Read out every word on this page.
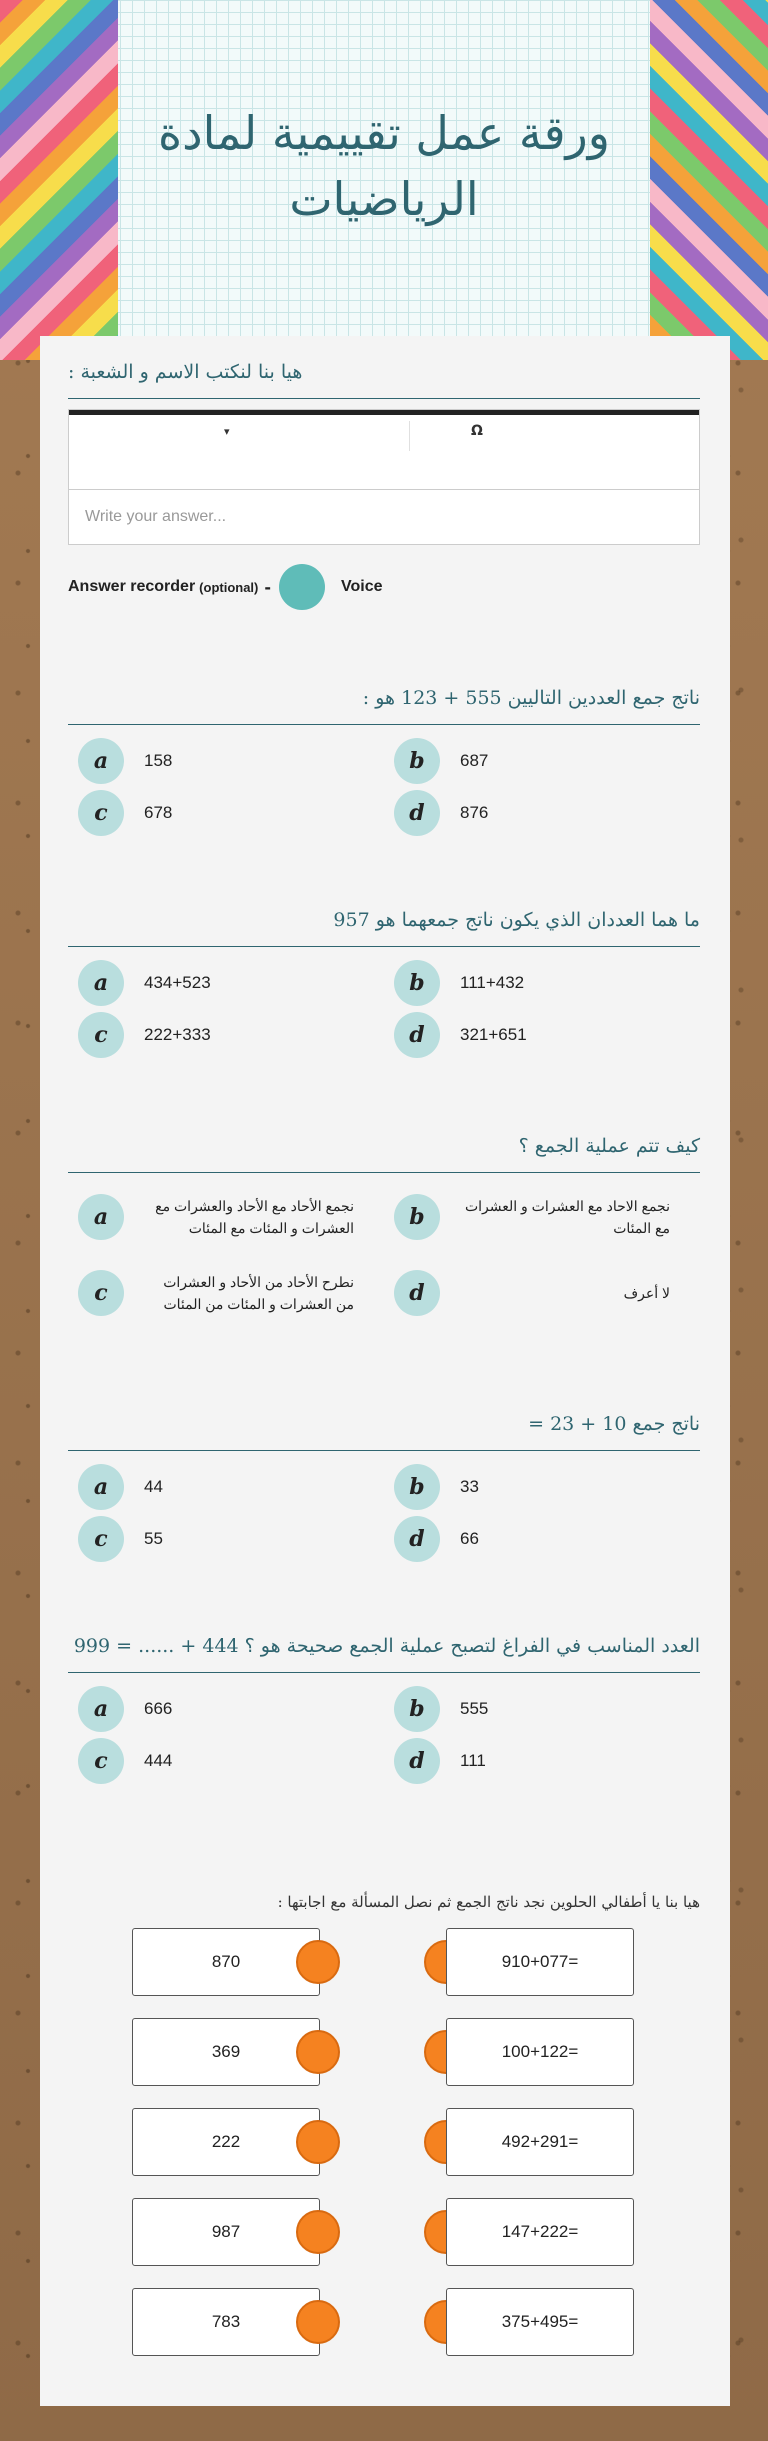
ورقة عمل تقييمية لمادة الرياضيات
هيا بنا لنكتب الاسم و الشعبة :
▾	Ω
Write your answer...
Answer recorder (optional) -	Voice
ناتج جمع العددين التاليين 555 + 123 هو :
a	158	b	687
c	678	d	876
ما هما العددان الذي يكون ناتج جمعهما هو 957
a	434+523	b	111+432
c	222+333	d	321+651
كيف تتم عملية الجمع ؟
a	نجمع الأحاد مع الأحاد والعشرات مع العشرات و المئات مع المئات	b	نجمع الاحاد مع العشرات و العشرات مع المئات
c	نطرح الأحاد من الأحاد و العشرات من العشرات و المئات من المئات	d	لا أعرف
ناتج جمع 10 + 23 =
a	44	b	33
c	55	d	66
العدد المناسب في الفراغ لتصبح عملية الجمع صحيحة هو ؟ 444 + ...... = 999
a	666	b	555
c	444	d	111
هيا بنا يا أطفالي الحلوين نجد ناتج الجمع ثم نصل المسألة مع اجابتها :
870	910+077=
369	100+122=
222	492+291=
987	147+222=
783	375+495=
